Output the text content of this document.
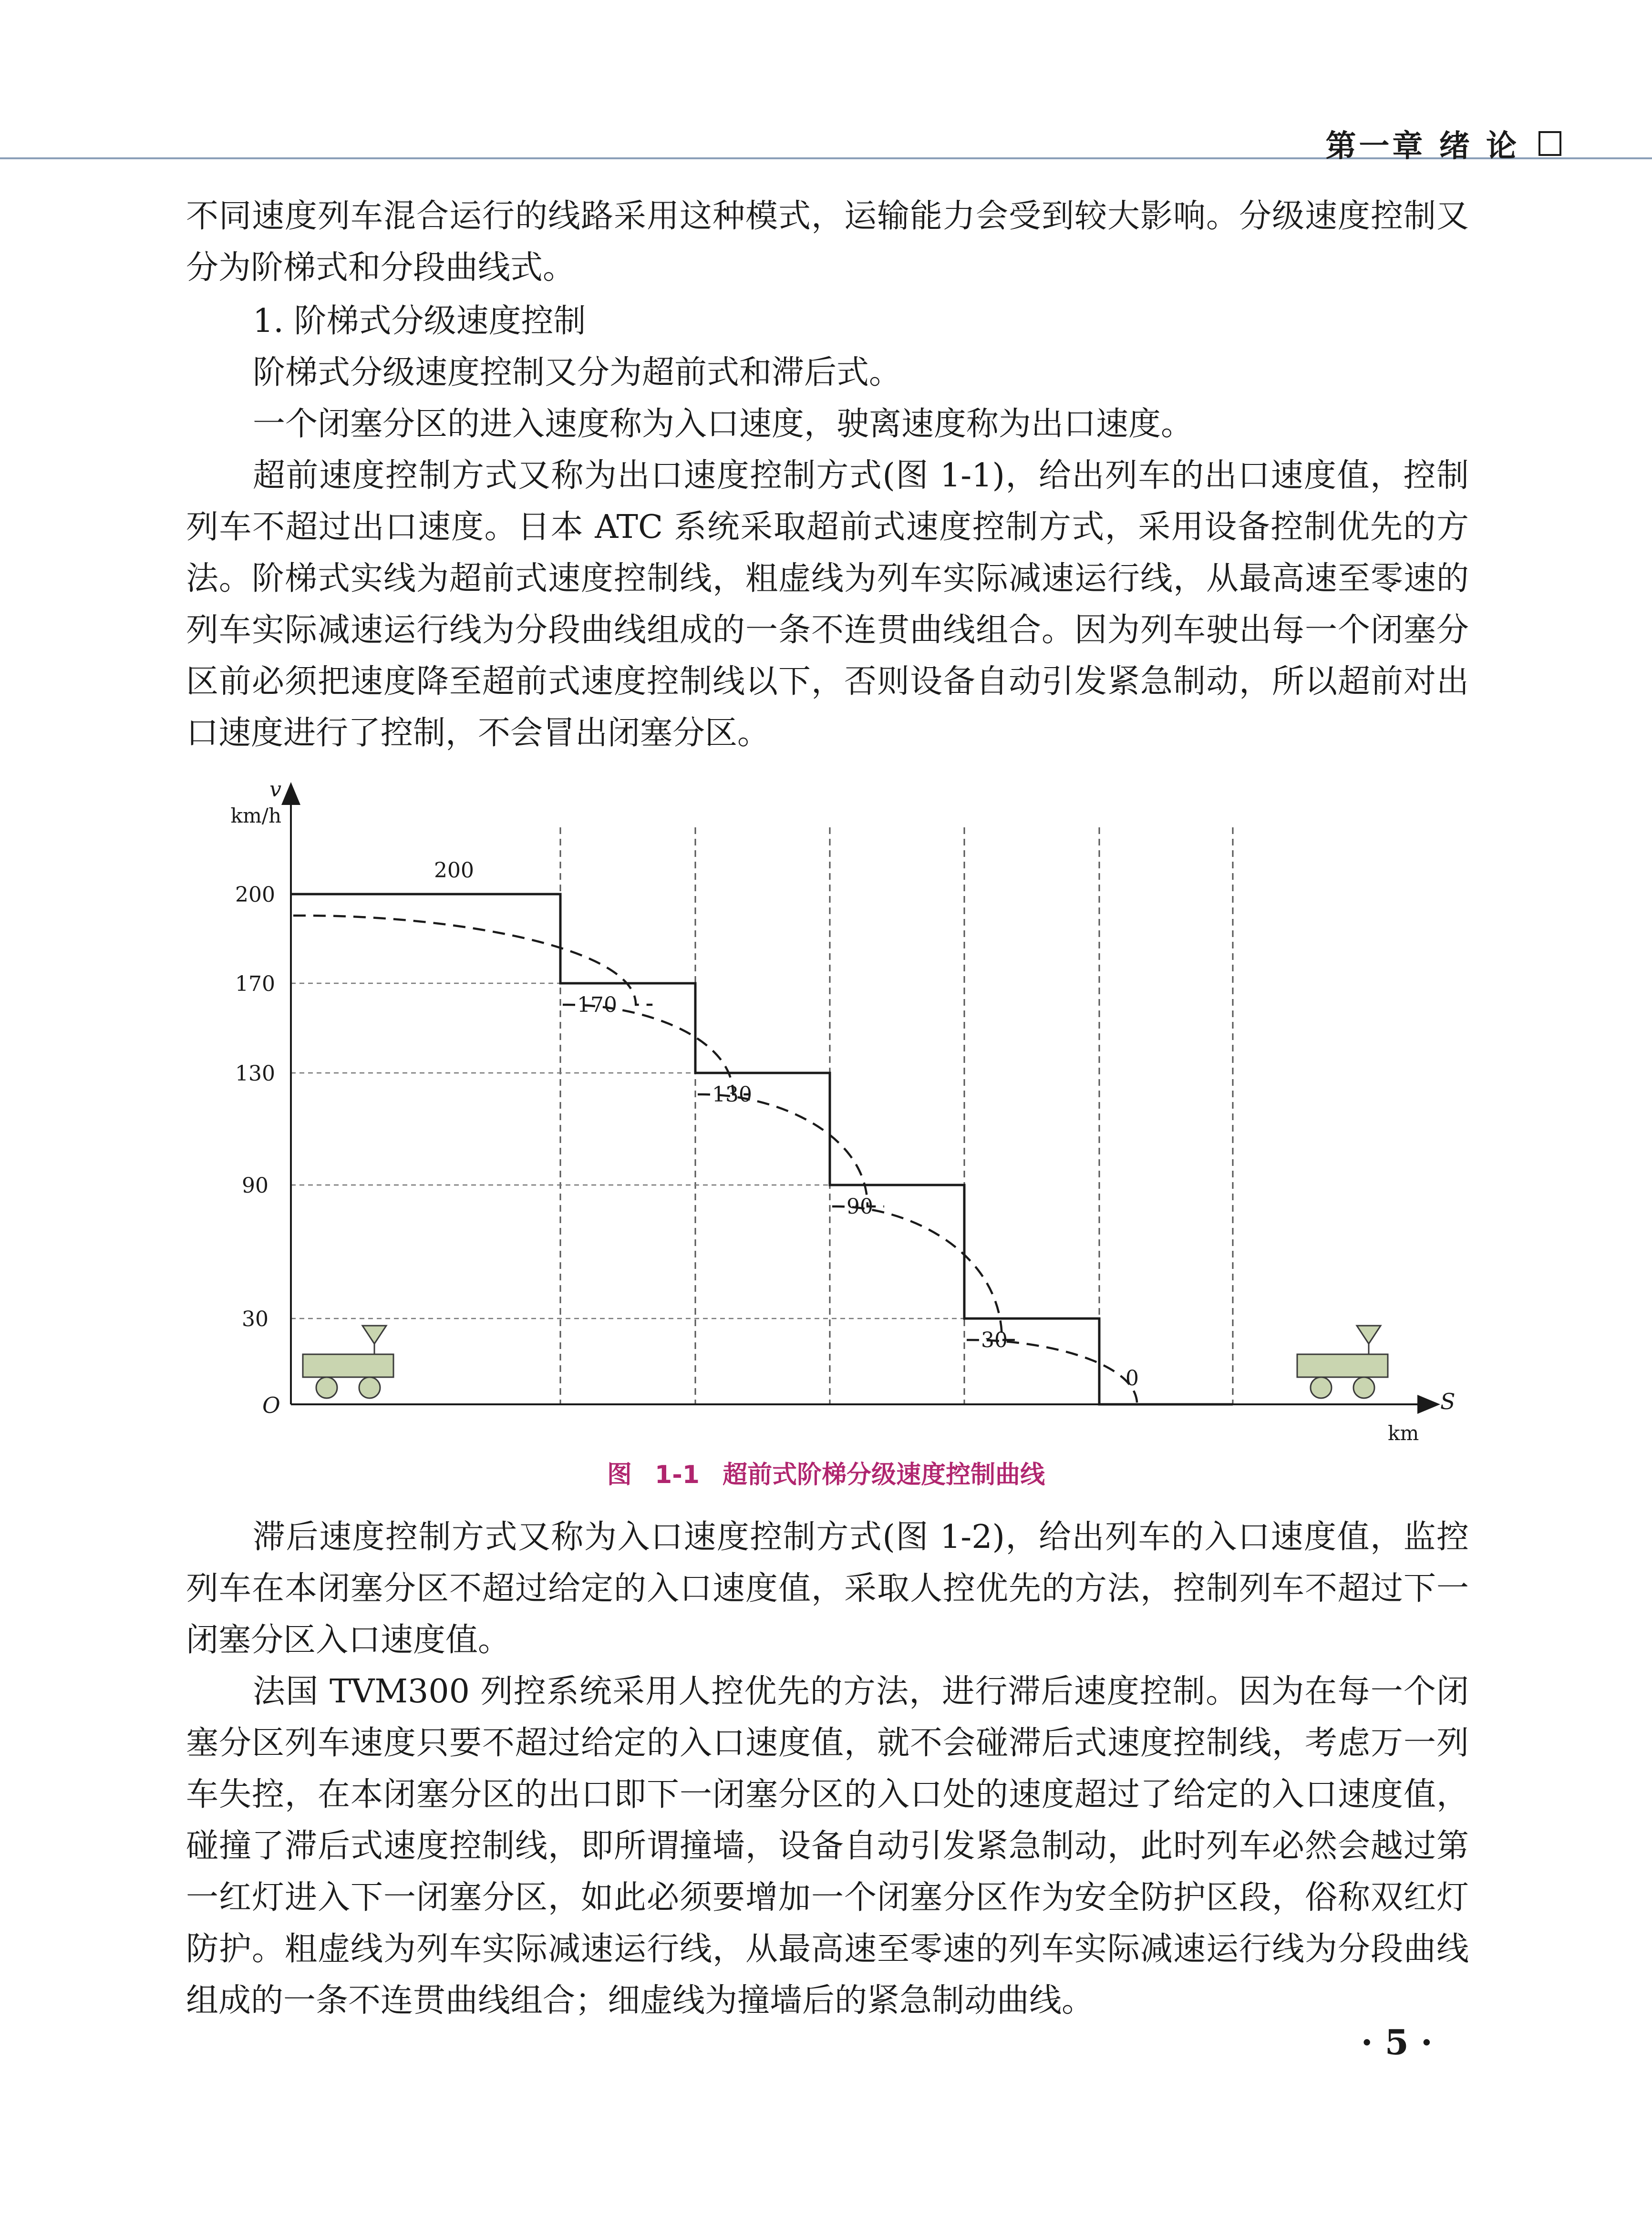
第一章 绪 论

不同速度列车混合运行的线路采用这种模式，运输能力会受到较大影响。分级速度控制又分为阶梯式和分段曲线式。

1. 阶梯式分级速度控制

阶梯式分级速度控制又分为超前式和滞后式。

一个闭塞分区的进入速度称为入口速度，驶离速度称为出口速度。

超前速度控制方式又称为出口速度控制方式(图 1-1)，给出列车的出口速度值，控制列车不超过出口速度。日本 ATC 系统采取超前式速度控制方式，采用设备控制优先的方法。阶梯式实线为超前式速度控制线，粗虚线为列车实际减速运行线，从最高速至零速的列车实际减速运行线为分段曲线组成的一条不连贯曲线组合。因为列车驶出每一个闭塞分区前必须把速度降至超前式速度控制线以下，否则设备自动引发紧急制动，所以超前对出口速度进行了控制，不会冒出闭塞分区。

200
170
130
90
30
200
170
130
90
30
0
v
km/h
S
km
O
图 1-1 超前式阶梯分级速度控制曲线

滞后速度控制方式又称为入口速度控制方式(图 1-2)，给出列车的入口速度值，监控列车在本闭塞分区不超过给定的入口速度值，采取人控优先的方法，控制列车不超过下一闭塞分区入口速度值。

法国 TVM300 列控系统采用人控优先的方法，进行滞后速度控制。因为在每一个闭塞分区列车速度只要不超过给定的入口速度值，就不会碰滞后式速度控制线，考虑万一列车失控，在本闭塞分区的出口即下一闭塞分区的入口处的速度超过了给定的入口速度值，碰撞了滞后式速度控制线，即所谓撞墙，设备自动引发紧急制动，此时列车必然会越过第一红灯进入下一闭塞分区，如此必须要增加一个闭塞分区作为安全防护区段，俗称双红灯防护。粗虚线为列车实际减速运行线，从最高速至零速的列车实际减速运行线为分段曲线组成的一条不连贯曲线组合；细虚线为撞墙后的紧急制动曲线。

· 5 ·
